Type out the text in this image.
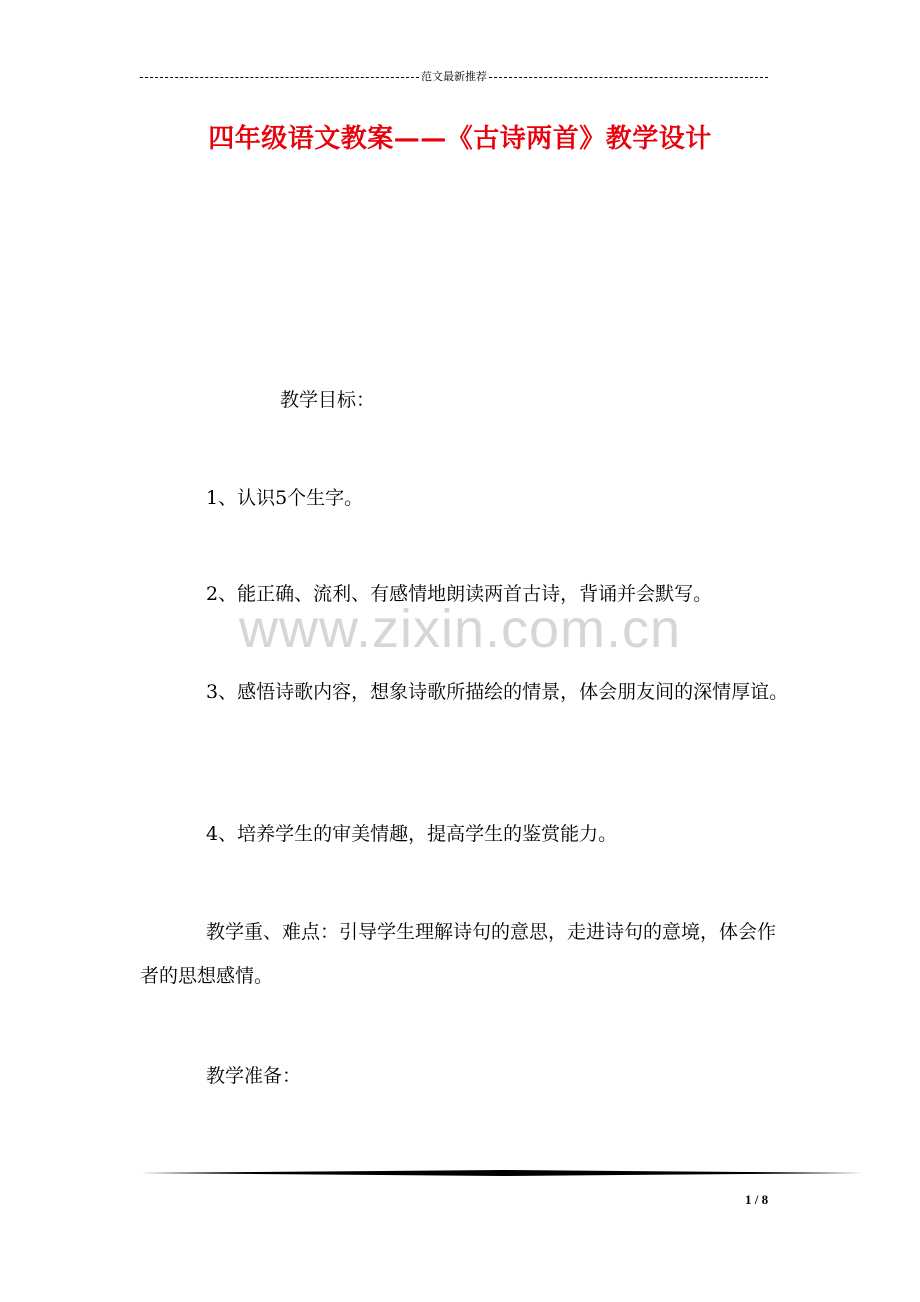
范文最新推荐
四年级语文教案——《古诗两首》教学设计

教学目标：

1、认识5个生字。

2、能正确、流利、有感情地朗读两首古诗，背诵并会默写。

3、感悟诗歌内容，想象诗歌所描绘的情景，体会朋友间的深情厚谊。

4、培养学生的审美情趣，提高学生的鉴赏能力。

教学重、难点：引导学生理解诗句的意思，走进诗句的意境，体会作者的思想感情。

教学准备：

www.zixin.com.cn
1 / 8
